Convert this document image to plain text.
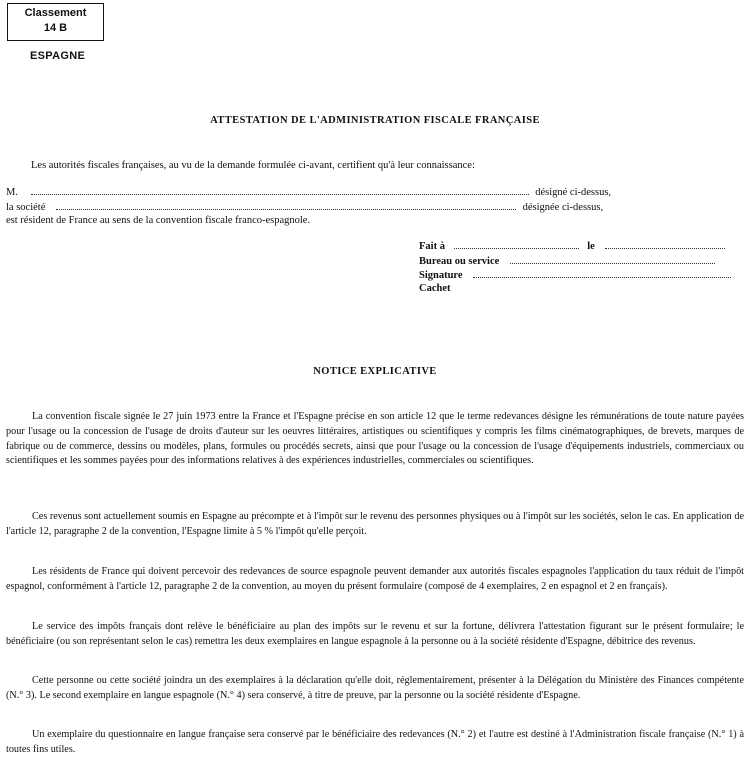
Classement
14 B
ESPAGNE
ATTESTATION DE L'ADMINISTRATION FISCALE FRANÇAISE
Les autorités fiscales françaises, au vu de la demande formulée ci-avant, certifient qu'à leur connaissance:
M.	désigné ci-dessus,
la société	désignée ci-dessus,
est résident de France au sens de la convention fiscale franco-espagnole.
Fait à	le
Bureau ou service
Signature
Cachet
NOTICE EXPLICATIVE

La convention fiscale signée le 27 juin 1973 entre la France et l'Espagne précise en son article 12 que le terme redevances désigne les rémunérations de toute nature payées pour l'usage ou la concession de l'usage de droits d'auteur sur les oeuvres littéraires, artistiques ou scientifiques y compris les films cinématographiques, de brevets, marques de fabrique ou de commerce, dessins ou modèles, plans, formules ou procédés secrets, ainsi que pour l'usage ou la concession de l'usage d'équipements industriels, commerciaux ou scientifiques et les sommes payées pour des informations relatives à des expériences industrielles, commerciales ou scientifiques.

Ces revenus sont actuellement soumis en Espagne au précompte et à l'impôt sur le revenu des personnes physiques ou à l'impôt sur les sociétés, selon le cas. En application de l'article 12, paragraphe 2 de la convention, l'Espagne limite à 5 % l'impôt qu'elle perçoit.

Les résidents de France qui doivent percevoir des redevances de source espagnole peuvent demander aux autorités fiscales espagnoles l'application du taux réduit de l'impôt espagnol, conformément à l'article 12, paragraphe 2 de la convention, au moyen du présent formulaire (composé de 4 exemplaires, 2 en espagnol et 2 en français).

Le service des impôts français dont relève le bénéficiaire au plan des impôts sur le revenu et sur la fortune, délivrera l'attestation figurant sur le présent formulaire; le bénéficiaire (ou son représentant selon le cas) remettra les deux exemplaires en langue espagnole à la personne ou à la société résidente d'Espagne, débitrice des revenus.

Cette personne ou cette société joindra un des exemplaires à la déclaration qu'elle doit, réglementairement, présenter à la Délégation du Ministère des Finances compétente (N.° 3). Le second exemplaire en langue espagnole (N.° 4) sera conservé, à titre de preuve, par la personne ou la société résidente d'Espagne.

Un exemplaire du questionnaire en langue française sera conservé par le bénéficiaire des redevances (N.° 2) et l'autre est destiné à l'Administration fiscale française (N.° 1) à toutes fins utiles.
